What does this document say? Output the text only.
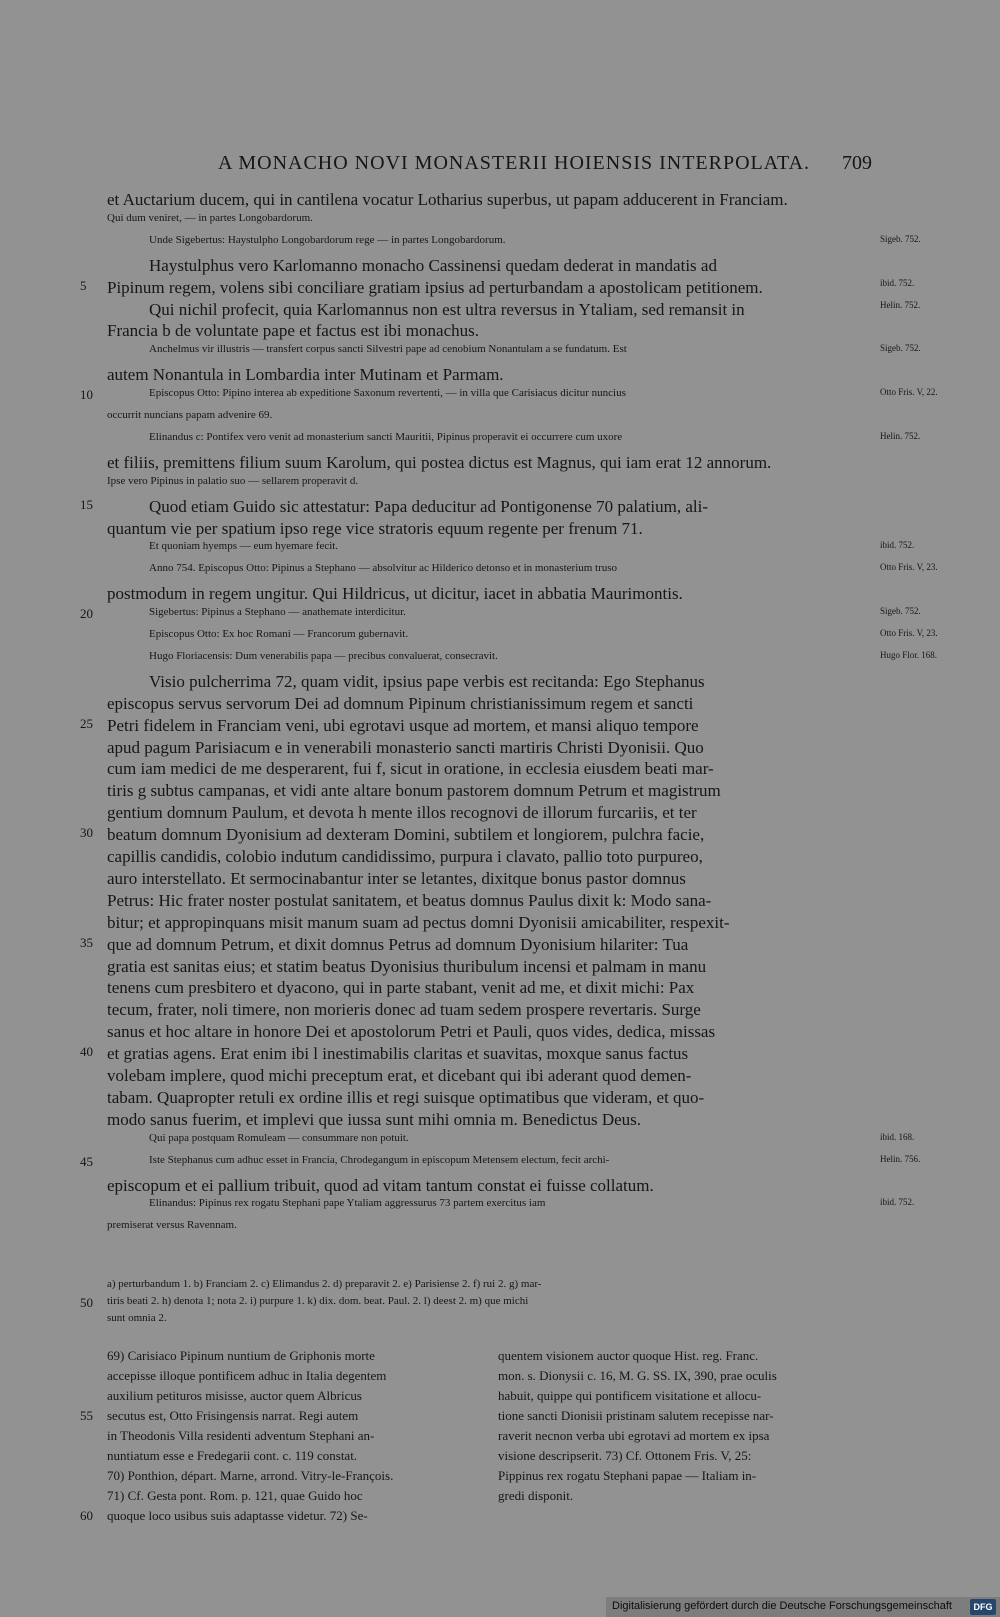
A MONACHO NOVI MONASTERII HOIENSIS INTERPOLATA. 709
et Auctarium ducem, qui in cantilena vocatur Lotharius superbus, ut papam adducerent in Franciam.
Qui dum veniret, — in partes Longobardorum.
Unde Sigebertus: Haystulpho Longobardorum rege — in partes Longobardorum.	Sigeb. 752.
Haystulphus vero Karlomanno monacho Cassinensi quedam dederat in mandatis ad
Pipinum regem, volens sibi conciliare gratiam ipsius ad perturbandam a apostolicam petitionem.
5	ibid. 752.
Qui nichil profecit, quia Karlomannus non est ultra reversus in Ytaliam, sed remansit in	Helin. 752.
Francia b de voluntate pape et factus est ibi monachus.
Anchelmus vir illustris — transfert corpus sancti Silvestri pape ad cenobium Nonantulam a se fundatum. Est	Sigeb. 752.
autem Nonantula in Lombardia inter Mutinam et Parmam.
Episcopus Otto: Pipino interea ab expeditione Saxonum revertenti, — in villa que Carisiacus dicitur nuncius
10	Otto Fris. V, 22.
occurrit nuncians papam advenire 69.
Elinandus c: Pontifex vero venit ad monasterium sancti Mauritii, Pipinus properavit ei occurrere cum uxore	Helin. 752.
et filiis, premittens filium suum Karolum, qui postea dictus est Magnus, qui iam erat 12 annorum.
Ipse vero Pipinus in palatio suo — sellarem properavit d.
Quod etiam Guido sic attestatur: Papa deducitur ad Pontigonense 70 palatium, ali-
15
quantum vie per spatium ipso rege vice stratoris equum regente per frenum 71.
Et quoniam hyemps — eum hyemare fecit.	ibid. 752.
Anno 754. Episcopus Otto: Pipinus a Stephano — absolvitur ac Hilderico detonso et in monasterium truso	Otto Fris. V, 23.
postmodum in regem ungitur. Qui Hildricus, ut dicitur, iacet in abbatia Maurimontis.
Sigebertus: Pipinus a Stephano — anathemate interdicitur.
20	Sigeb. 752.
Episcopus Otto: Ex hoc Romani — Francorum gubernavit.	Otto Fris. V, 23.
Hugo Floriacensis: Dum venerabilis papa — precibus convaluerat, consecravit.	Hugo Flor. 168.
Visio pulcherrima 72, quam vidit, ipsius pape verbis est recitanda: Ego Stephanus
episcopus servus servorum Dei ad domnum Pipinum christianissimum regem et sancti
Petri fidelem in Franciam veni, ubi egrotavi usque ad mortem, et mansi aliquo tempore
25
apud pagum Parisiacum e in venerabili monasterio sancti martiris Christi Dyonisii. Quo
cum iam medici de me desperarent, fui f, sicut in oratione, in ecclesia eiusdem beati mar-
tiris g subtus campanas, et vidi ante altare bonum pastorem domnum Petrum et magistrum
gentium domnum Paulum, et devota h mente illos recognovi de illorum furcariis, et ter
beatum domnum Dyonisium ad dexteram Domini, subtilem et longiorem, pulchra facie,
30
capillis candidis, colobio indutum candidissimo, purpura i clavato, pallio toto purpureo,
auro interstellato. Et sermocinabantur inter se letantes, dixitque bonus pastor domnus
Petrus: Hic frater noster postulat sanitatem, et beatus domnus Paulus dixit k: Modo sana-
bitur; et appropinquans misit manum suam ad pectus domni Dyonisii amicabiliter, respexit-
que ad domnum Petrum, et dixit domnus Petrus ad domnum Dyonisium hilariter: Tua
35
gratia est sanitas eius; et statim beatus Dyonisius thuribulum incensi et palmam in manu
tenens cum presbitero et dyacono, qui in parte stabant, venit ad me, et dixit michi: Pax
tecum, frater, noli timere, non morieris donec ad tuam sedem prospere revertaris. Surge
sanus et hoc altare in honore Dei et apostolorum Petri et Pauli, quos vides, dedica, missas
et gratias agens. Erat enim ibi l inestimabilis claritas et suavitas, moxque sanus factus
40
volebam implere, quod michi preceptum erat, et dicebant qui ibi aderant quod demen-
tabam. Quapropter retuli ex ordine illis et regi suisque optimatibus que videram, et quo-
modo sanus fuerim, et implevi que iussa sunt mihi omnia m. Benedictus Deus.
Qui papa postquam Romuleam — consummare non potuit.	ibid. 168.
Iste Stephanus cum adhuc esset in Francia, Chrodegangum in episcopum Metensem electum, fecit archi-
45	Helin. 756.
episcopum et ei pallium tribuit, quod ad vitam tantum constat ei fuisse collatum.
Elinandus: Pipinus rex rogatu Stephani pape Ytaliam aggressurus 73 partem exercitus iam	ibid. 752.
premiserat versus Ravennam.
a) perturbandum 1. b) Franciam 2. c) Elimandus 2. d) preparavit 2. e) Parisiense 2. f) rui 2. g) mar-
tiris beati 2. h) denota 1; nota 2. i) purpure 1. k) dix. dom. beat. Paul. 2. l) deest 2. m) que michi
50
sunt omnia 2.
69) Carisiaco Pipinum nuntium de Griphonis morte
accepisse illoque pontificem adhuc in Italia degentem
auxilium petituros misisse, auctor quem Albricus
secutus est, Otto Frisingensis narrat. Regi autem
55
in Theodonis Villa residenti adventum Stephani an-
nuntiatum esse e Fredegarii cont. c. 119 constat.
70) Ponthion, départ. Marne, arrond. Vitry-le-François.
71) Cf. Gesta pont. Rom. p. 121, quae Guido hoc
quoque loco usibus suis adaptasse videtur. 72) Se-
60
quentem visionem auctor quoque Hist. reg. Franc.
mon. s. Dionysii c. 16, M. G. SS. IX, 390, prae oculis
habuit, quippe qui pontificem visitatione et allocu-
tione sancti Dionisii pristinam salutem recepisse nar-
raverit necnon verba ubi egrotavi ad mortem ex ipsa
visione descripserit. 73) Cf. Ottonem Fris. V, 25:
Pippinus rex rogatu Stephani papae — Italiam in-
gredi disponit.
Digitalisierung gefördert durch die Deutsche Forschungsgemeinschaft	DFG
